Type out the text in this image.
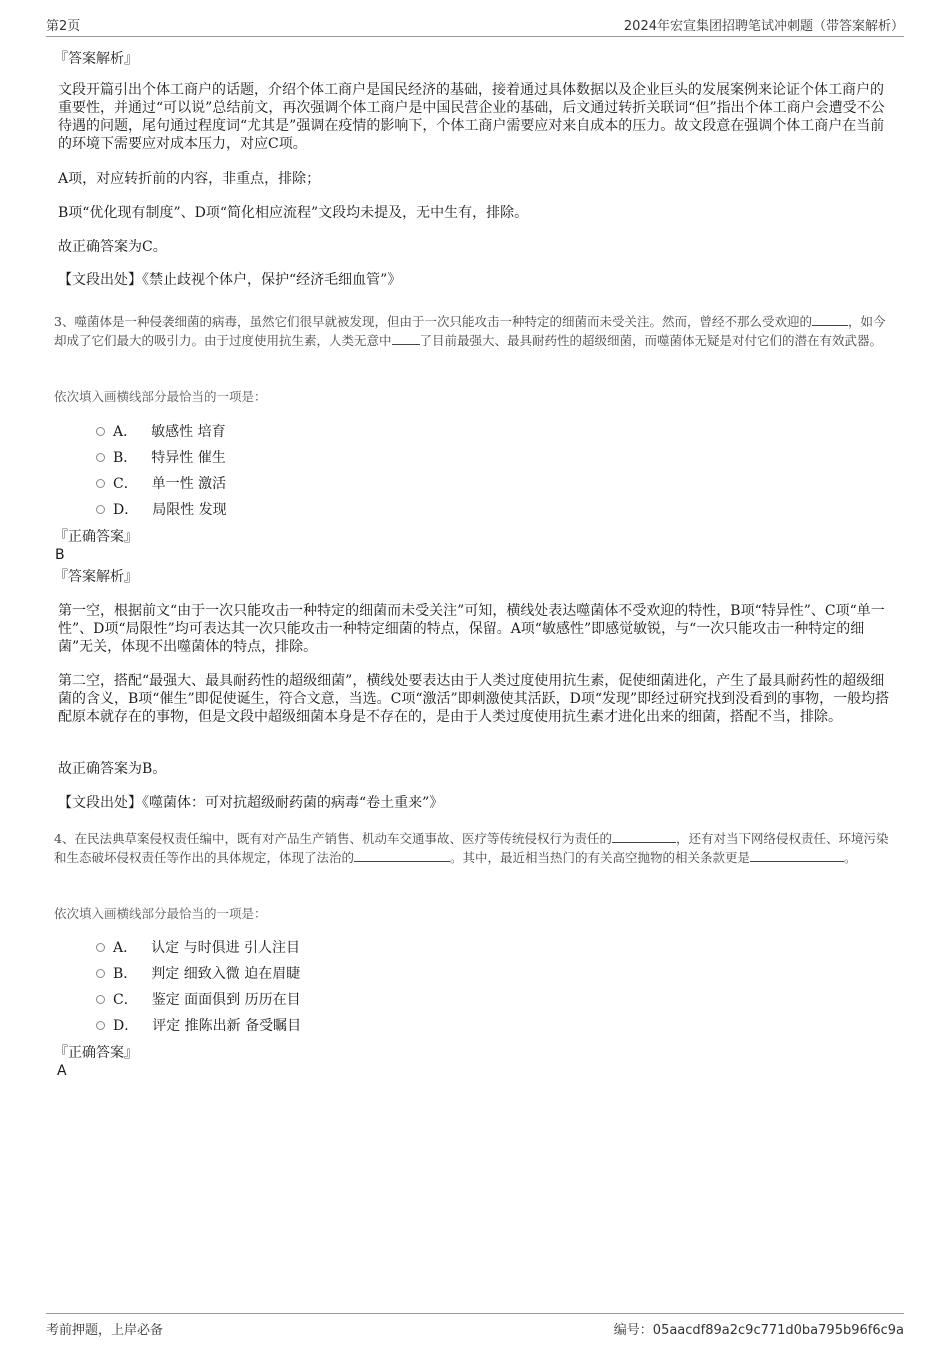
第2页	2024年宏宣集团招聘笔试冲刺题（带答案解析）
『答案解析』

文段开篇引出个体工商户的话题，介绍个体工商户是国民经济的基础，接着通过具体数据以及企业巨头的发展案例来论证个体工商户的重要性，并通过“可以说”总结前文，再次强调个体工商户是中国民营企业的基础，后文通过转折关联词“但”指出个体工商户会遭受不公待遇的问题，尾句通过程度词“尤其是”强调在疫情的影响下，个体工商户需要应对来自成本的压力。故文段意在强调个体工商户在当前的环境下需要应对成本压力，对应C项。

A项，对应转折前的内容，非重点，排除；

B项“优化现有制度”、D项“简化相应流程”文段均未提及，无中生有，排除。

故正确答案为C。

【文段出处】《禁止歧视个体户，保护“经济毛细血管”》

3、噬菌体是一种侵袭细菌的病毒，虽然它们很早就被发现，但由于一次只能攻击一种特定的细菌而未受关注。然而，曾经不那么受欢迎的	，如今却成了它们最大的吸引力。由于过度使用抗生素，人类无意中 了目前最强大、最具耐药性的超级细菌，而噬菌体无疑是对付它们的潜在有效武器。

依次填入画横线部分最恰当的一项是：

A． 敏感性 培育
B． 特异性 催生
C． 单一性 激活
D． 局限性 发现
『正确答案』
B
『答案解析』

第一空，根据前文“由于一次只能攻击一种特定的细菌而未受关注”可知，横线处表达噬菌体不受欢迎的特性，B项“特异性”、C项“单一性”、D项“局限性”均可表达其一次只能攻击一种特定细菌的特点，保留。A项“敏感性”即感觉敏锐，与“一次只能攻击一种特定的细菌”无关，体现不出噬菌体的特点，排除。

第二空，搭配“最强大、最具耐药性的超级细菌”，横线处要表达由于人类过度使用抗生素，促使细菌进化，产生了最具耐药性的超级细菌的含义，B项“催生”即促使诞生，符合文意，当选。C项“激活”即刺激使其活跃，D项“发现”即经过研究找到没看到的事物，一般均搭配原本就存在的事物，但是文段中超级细菌本身是不存在的，是由于人类过度使用抗生素才进化出来的细菌，搭配不当，排除。

故正确答案为B。

【文段出处】《噬菌体：可对抗超级耐药菌的病毒“卷土重来”》

4、在民法典草案侵权责任编中，既有对产品生产销售、机动车交通事故、医疗等传统侵权行为责任的	，还有对当下网络侵权责任、环境污染和生态破坏侵权责任等作出的具体规定，体现了法治的	。其中，最近相当热门的有关高空抛物的相关条款更是	。

依次填入画横线部分最恰当的一项是：

A． 认定 与时俱进 引人注目
B． 判定 细致入微 迫在眉睫
C． 鉴定 面面俱到 历历在目
D． 评定 推陈出新 备受瞩目
『正确答案』
A
考前押题，上岸必备	编号：05aacdf89a2c9c771d0ba795b96f6c9a
